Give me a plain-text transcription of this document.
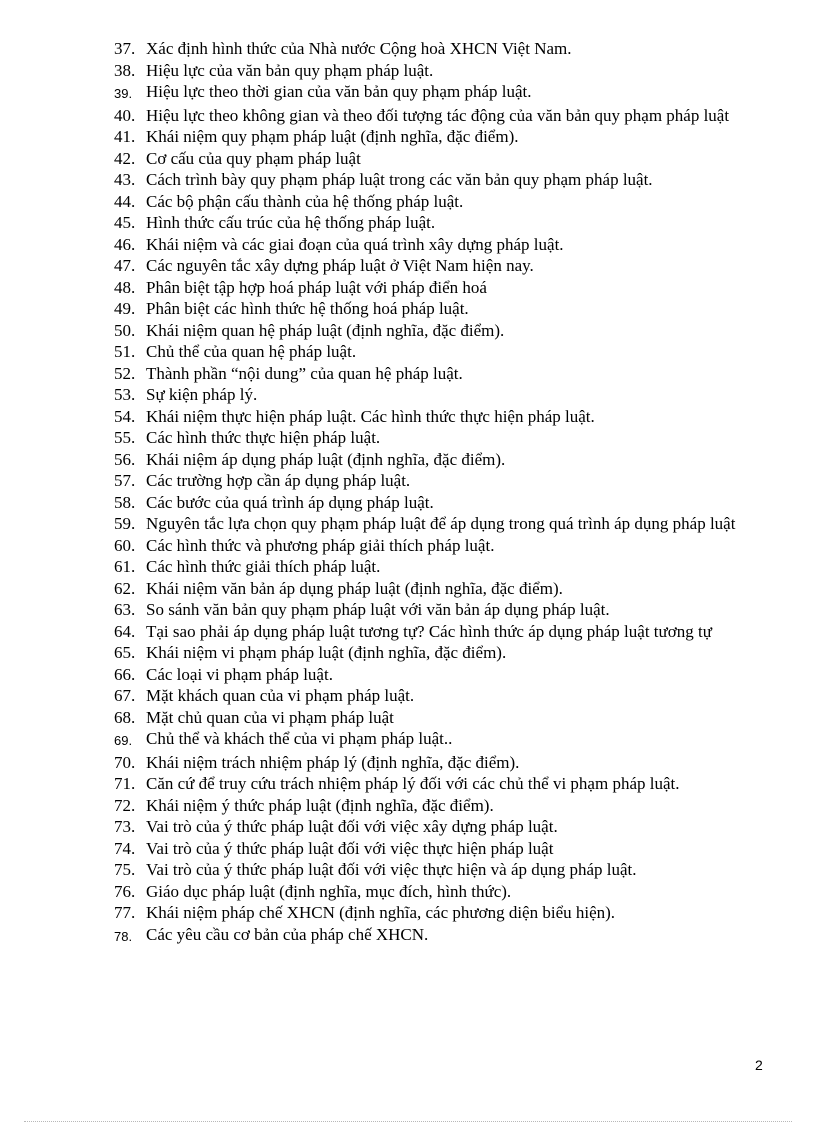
37. Xác định hình thức của Nhà nước Cộng hoà XHCN Việt Nam.
38. Hiệu lực của văn bản quy phạm pháp luật.
39. Hiệu lực theo thời gian của văn bản quy phạm pháp luật.
40. Hiệu lực theo không gian và theo đối tượng tác động của văn bản quy phạm pháp luật
41. Khái niệm quy phạm pháp luật (định nghĩa, đặc điểm).
42. Cơ cấu của quy phạm pháp luật
43. Cách trình bày quy phạm pháp luật trong các văn bản quy phạm pháp luật.
44. Các bộ phận cấu thành của hệ thống pháp luật.
45. Hình thức cấu trúc của hệ thống pháp luật.
46. Khái niệm và các giai đoạn của quá trình xây dựng pháp luật.
47. Các nguyên tắc xây dựng pháp luật ở Việt Nam hiện nay.
48. Phân biệt tập hợp hoá pháp luật với pháp điển hoá
49. Phân biệt các hình thức hệ thống hoá pháp luật.
50. Khái niệm quan hệ pháp luật (định nghĩa, đặc điểm).
51. Chủ thể của quan hệ pháp luật.
52. Thành phần “nội dung” của quan hệ pháp luật.
53. Sự kiện pháp lý.
54. Khái niệm thực hiện pháp luật. Các hình thức thực hiện pháp luật.
55. Các hình thức thực hiện pháp luật.
56. Khái niệm áp dụng pháp luật (định nghĩa, đặc điểm).
57. Các trường hợp cần áp dụng pháp luật.
58. Các bước của quá trình áp dụng pháp luật.
59. Nguyên tắc lựa chọn quy phạm pháp luật để áp dụng trong quá trình áp dụng pháp luật
60. Các hình thức và phương pháp giải thích pháp luật.
61. Các hình thức giải thích pháp luật.
62. Khái niệm văn bản áp dụng pháp luật (định nghĩa, đặc điểm).
63. So sánh văn bản quy phạm pháp luật với văn bản áp dụng pháp luật.
64. Tại sao phải áp dụng pháp luật tương tự? Các hình thức áp dụng pháp luật tương tự
65. Khái niệm vi phạm pháp luật (định nghĩa, đặc điểm).
66. Các loại vi phạm pháp luật.
67. Mặt khách quan của vi phạm pháp luật.
68. Mặt chủ quan của vi phạm pháp luật
69. Chủ thể và khách thể của vi phạm pháp luật..
70. Khái niệm trách nhiệm pháp lý (định nghĩa, đặc điểm).
71. Căn cứ để truy cứu trách nhiệm pháp lý đối với các chủ thể vi phạm pháp luật.
72. Khái niệm ý thức pháp luật (định nghĩa, đặc điểm).
73. Vai trò của ý thức pháp luật đối với việc xây dựng pháp luật.
74. Vai trò của ý thức pháp luật đối với việc thực hiện pháp luật
75. Vai trò của ý thức pháp luật đối với việc thực hiện và áp dụng pháp luật.
76. Giáo dục pháp luật (định nghĩa, mục đích, hình thức).
77. Khái niệm pháp chế XHCN (định nghĩa, các phương diện biểu hiện).
78. Các yêu cầu cơ bản của pháp chế XHCN.
2
